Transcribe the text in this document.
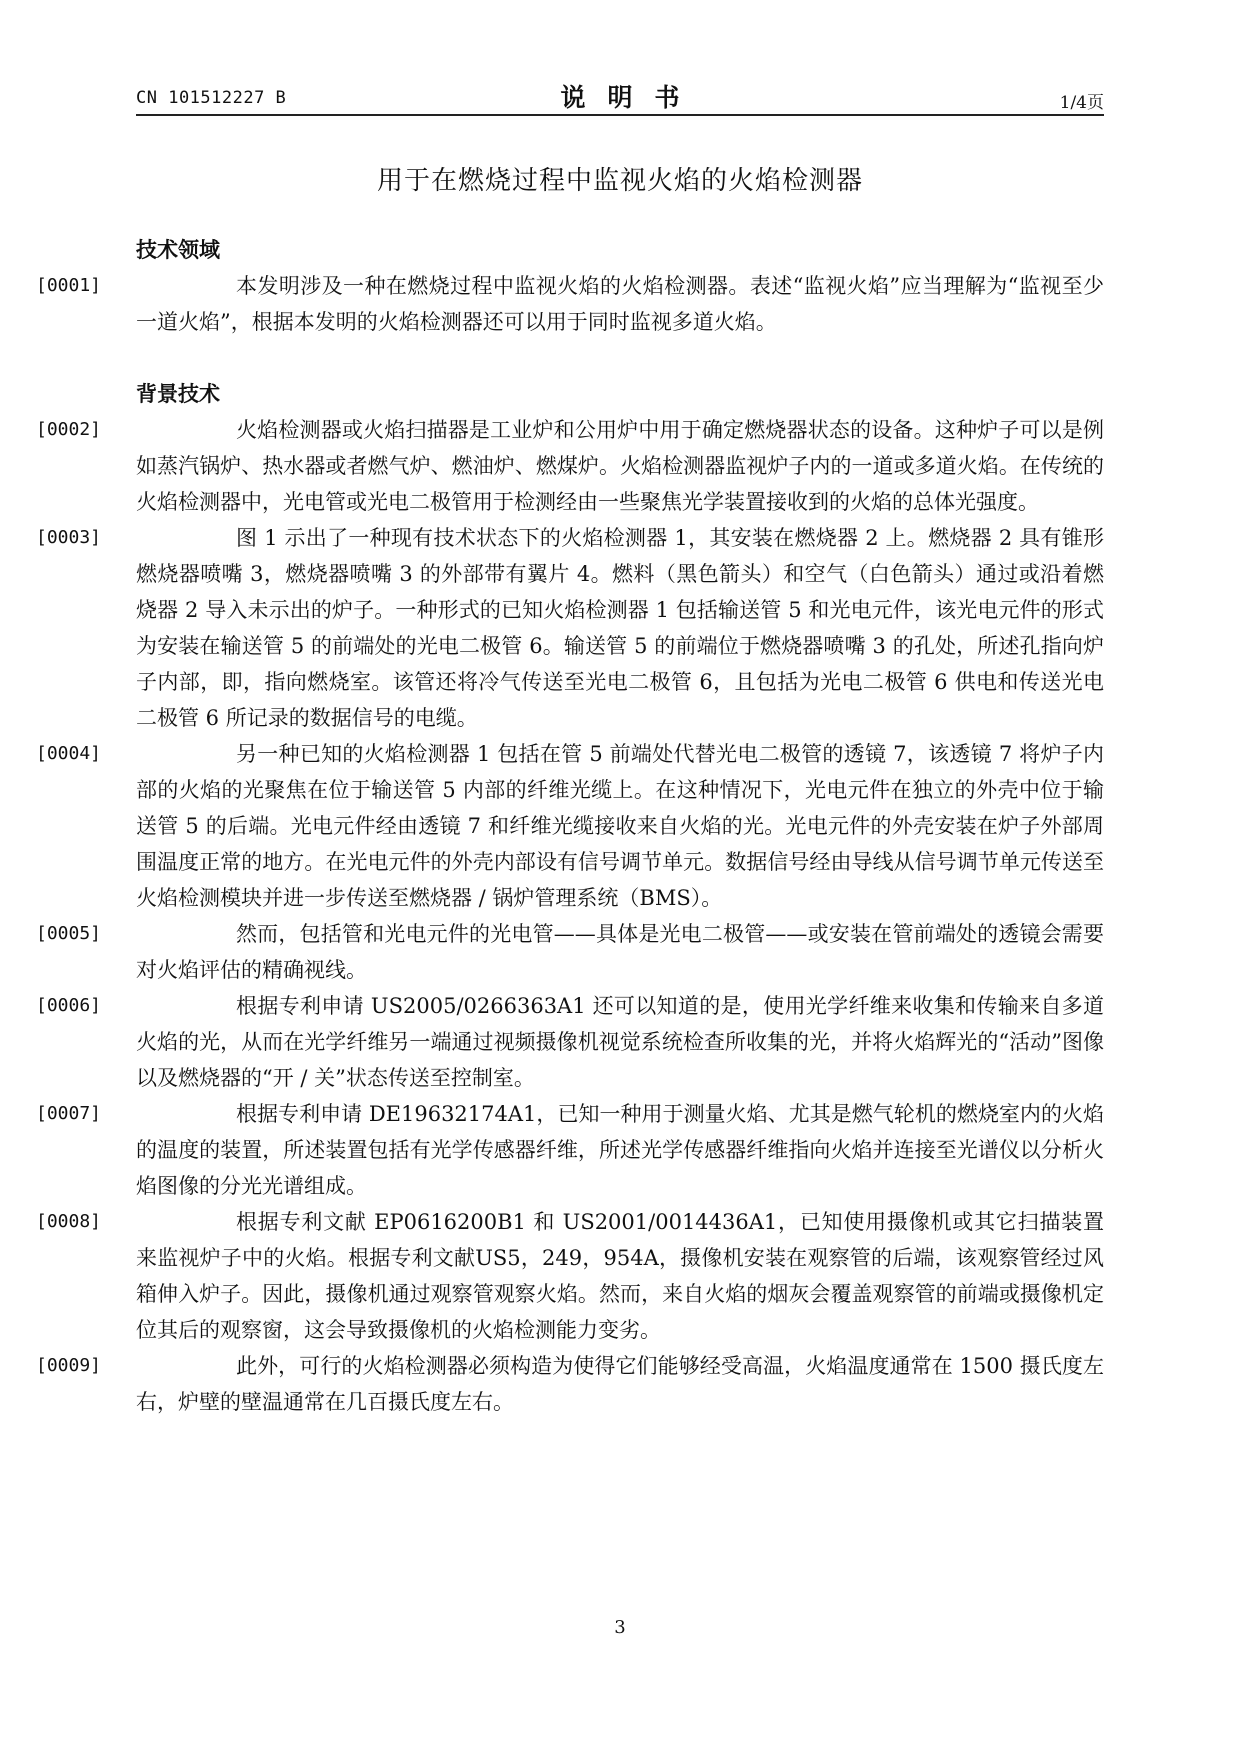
CN 101512227 B	说明书	1/4页
用于在燃烧过程中监视火焰的火焰检测器
技术领域

[0001]	本发明涉及一种在燃烧过程中监视火焰的火焰检测器。表述“监视火焰”应当理解为“监视至少一道火焰”，根据本发明的火焰检测器还可以用于同时监视多道火焰。

背景技术

[0002]	火焰检测器或火焰扫描器是工业炉和公用炉中用于确定燃烧器状态的设备。这种炉子可以是例如蒸汽锅炉、热水器或者燃气炉、燃油炉、燃煤炉。火焰检测器监视炉子内的一道或多道火焰。在传统的火焰检测器中，光电管或光电二极管用于检测经由一些聚焦光学装置接收到的火焰的总体光强度。

[0003]	图 1 示出了一种现有技术状态下的火焰检测器 1，其安装在燃烧器 2 上。燃烧器 2 具有锥形燃烧器喷嘴 3，燃烧器喷嘴 3 的外部带有翼片 4。燃料（黑色箭头）和空气（白色箭头）通过或沿着燃烧器 2 导入未示出的炉子。一种形式的已知火焰检测器 1 包括输送管 5 和光电元件，该光电元件的形式为安装在输送管 5 的前端处的光电二极管 6。输送管 5 的前端位于燃烧器喷嘴 3 的孔处，所述孔指向炉子内部，即，指向燃烧室。该管还将冷气传送至光电二极管 6，且包括为光电二极管 6 供电和传送光电二极管 6 所记录的数据信号的电缆。

[0004]	另一种已知的火焰检测器 1 包括在管 5 前端处代替光电二极管的透镜 7，该透镜 7 将炉子内部的火焰的光聚焦在位于输送管 5 内部的纤维光缆上。在这种情况下，光电元件在独立的外壳中位于输送管 5 的后端。光电元件经由透镜 7 和纤维光缆接收来自火焰的光。光电元件的外壳安装在炉子外部周围温度正常的地方。在光电元件的外壳内部设有信号调节单元。数据信号经由导线从信号调节单元传送至火焰检测模块并进一步传送至燃烧器 / 锅炉管理系统（BMS）。

[0005]	然而，包括管和光电元件的光电管——具体是光电二极管——或安装在管前端处的透镜会需要对火焰评估的精确视线。

[0006]	根据专利申请 US2005/0266363A1 还可以知道的是，使用光学纤维来收集和传输来自多道火焰的光，从而在光学纤维另一端通过视频摄像机视觉系统检查所收集的光，并将火焰辉光的“活动”图像以及燃烧器的“开 / 关”状态传送至控制室。

[0007]	根据专利申请 DE19632174A1，已知一种用于测量火焰、尤其是燃气轮机的燃烧室内的火焰的温度的装置，所述装置包括有光学传感器纤维，所述光学传感器纤维指向火焰并连接至光谱仪以分析火焰图像的分光光谱组成。

[0008]	根据专利文献 EP0616200B1 和 US2001/0014436A1，已知使用摄像机或其它扫描装置来监视炉子中的火焰。根据专利文献US5，249，954A，摄像机安装在观察管的后端，该观察管经过风箱伸入炉子。因此，摄像机通过观察管观察火焰。然而，来自火焰的烟灰会覆盖观察管的前端或摄像机定位其后的观察窗，这会导致摄像机的火焰检测能力变劣。

[0009]	此外，可行的火焰检测器必须构造为使得它们能够经受高温，火焰温度通常在 1500 摄氏度左右，炉壁的壁温通常在几百摄氏度左右。

3
